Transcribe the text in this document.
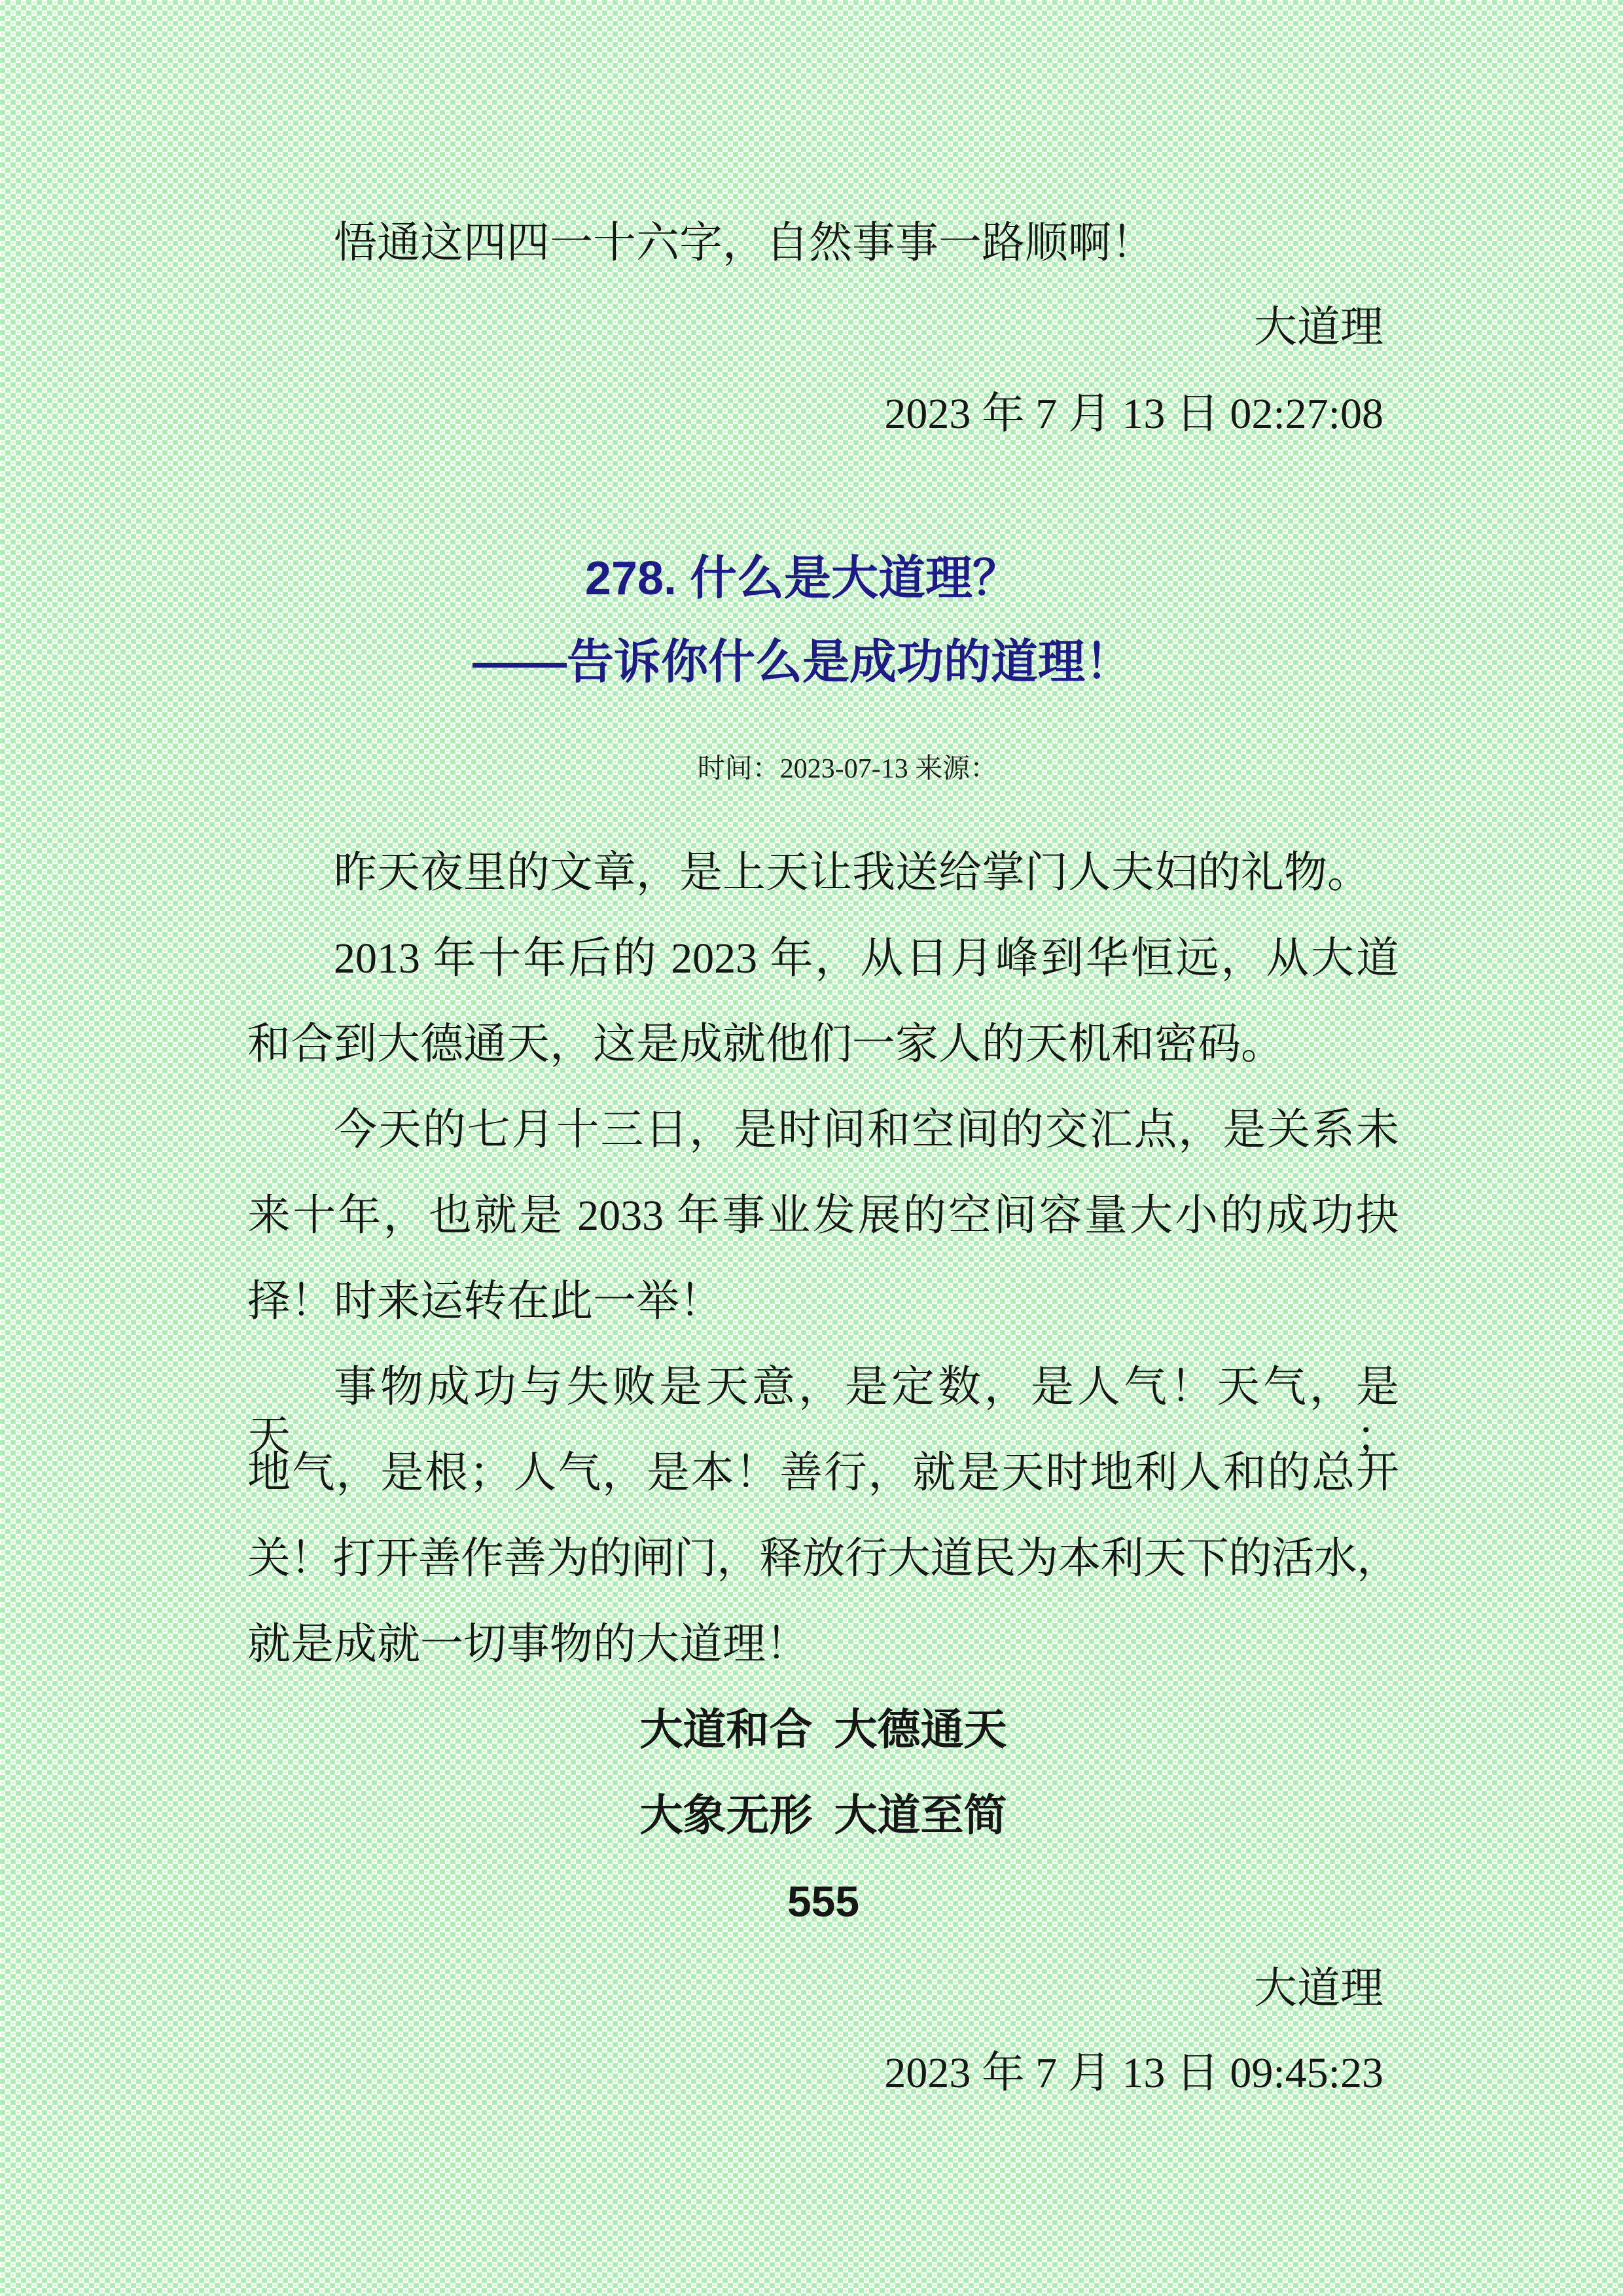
悟通这四四一十六字，自然事事一路顺啊！
大道理
2023 年 7 月 13 日 02:27:08
278. 什么是大道理？
——告诉你什么是成功的道理！
时间：2023-07-13 来源：
昨天夜里的文章，是上天让我送给掌门人夫妇的礼物。
2013 年十年后的 2023 年，从日月峰到华恒远，从大道
和合到大德通天，这是成就他们一家人的天机和密码。
今天的七月十三日，是时间和空间的交汇点，是关系未
来十年，也就是 2033 年事业发展的空间容量大小的成功抉
择！时来运转在此一举！
事物成功与失败是天意，是定数，是人气！天气，是天；
地气，是根；人气，是本！善行，就是天时地利人和的总开
关！打开善作善为的闸门，释放行大道民为本利天下的活水，
就是成就一切事物的大道理！
大道和合 大德通天
大象无形 大道至简
555
大道理
2023 年 7 月 13 日 09:45:23
